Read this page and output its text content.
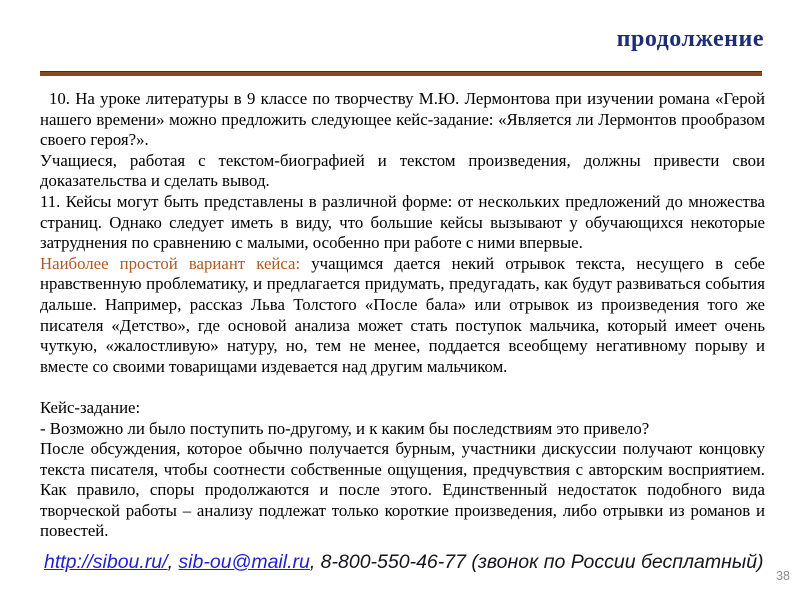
продолжение

10. На уроке литературы в 9 классе по творчеству М.Ю. Лермонтова при изучении романа «Герой нашего времени» можно предложить следующее кейс-задание: «Является ли Лермонтов прообразом своего героя?».

Учащиеся, работая с текстом-биографией и текстом произведения, должны привести свои доказательства и сделать вывод.

11. Кейсы могут быть представлены в различной форме: от нескольких предложений до множества страниц. Однако следует иметь в виду, что большие кейсы вызывают у обучающихся некоторые затруднения по сравнению с малыми, особенно при работе с ними впервые.

Наиболее простой вариант кейса: учащимся дается некий отрывок текста, несущего в себе нравственную проблематику, и предлагается придумать, предугадать, как будут развиваться события дальше. Например, рассказ Льва Толстого «После бала» или отрывок из произведения того же писателя «Детство», где основой анализа может стать поступок мальчика, который имеет очень чуткую, «жалостливую» натуру, но, тем не менее, поддается всеобщему негативному порыву и вместе со своими товарищами издевается над другим мальчиком.

Кейс-задание:

- Возможно ли было поступить по-другому, и к каким бы последствиям это привело?

После обсуждения, которое обычно получается бурным, участники дискуссии получают концовку текста писателя, чтобы соотнести собственные ощущения, предчувствия с авторским восприятием. Как правило, споры продолжаются и после этого. Единственный недостаток подобного вида творческой работы – анализу подлежат только короткие произведения, либо отрывки из романов и повестей.

http://sibou.ru/, sib-ou@mail.ru, 8-800-550-46-77 (звонок по России бесплатный)
38
